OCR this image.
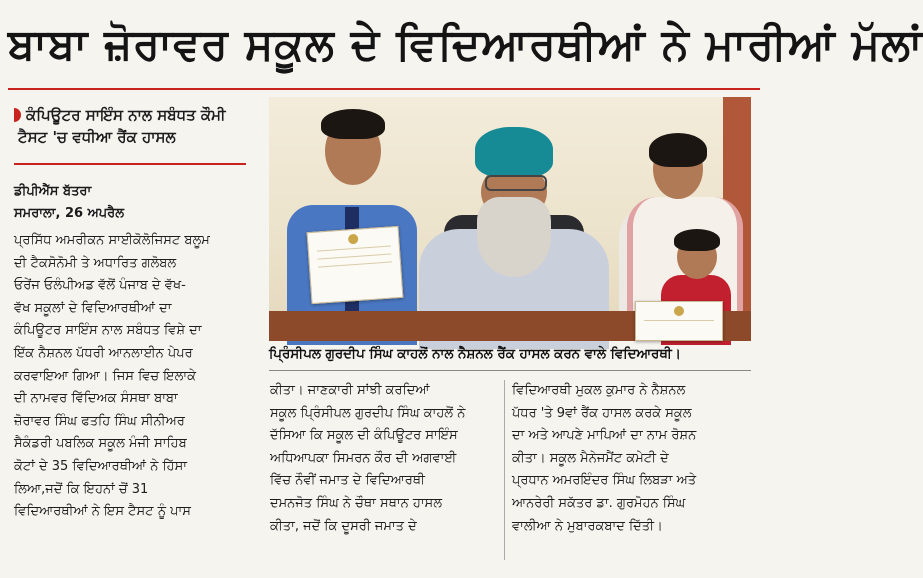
ਬਾਬਾ ਜ਼ੋਰਾਵਰ ਸਕੂਲ ਦੇ ਵਿਦਿਆਰਥੀਆਂ ਨੇ ਮਾਰੀਆਂ ਮੱਲਾਂ
ਕੰਪਿਊਟਰ ਸਾਇੰਸ ਨਾਲ ਸਬੰਧਤ ਕੌਮੀ
ਟੈਸਟ 'ਚ ਵਧੀਆ ਰੈਂਕ ਹਾਸਲ
ਡੀਪੀਐੱਸ ਬੱਤਰਾ
ਸਮਰਾਲਾ, 26 ਅਪਰੈਲ
ਪ੍ਰਸਿੱਧ ਅਮਰੀਕਨ ਸਾਈਕੋਲੋਜਿਸਟ ਬਲੂਮ
ਦੀ ਟੈਕਸੋਨੋਮੀ ਤੇ ਅਧਾਰਿਤ ਗਲੋਬਲ
ਓਰੇਂਜ ਓਲੰਪੀਅਡ ਵੱਲੋਂ ਪੰਜਾਬ ਦੇ ਵੱਖ-
ਵੱਖ ਸਕੂਲਾਂ ਦੇ ਵਿਦਿਆਰਥੀਆਂ ਦਾ
ਕੰਪਿਊਟਰ ਸਾਇੰਸ ਨਾਲ ਸਬੰਧਤ ਵਿਸ਼ੇ ਦਾ
ਇੱਕ ਨੈਸ਼ਨਲ ਪੱਧਰੀ ਆਨਲਾਈਨ ਪੇਪਰ
ਕਰਵਾਇਆ ਗਿਆ। ਜਿਸ ਵਿਚ ਇਲਾਕੇ
ਦੀ ਨਾਮਵਰ ਵਿੱਦਿਅਕ ਸੰਸਥਾ ਬਾਬਾ
ਜ਼ੋਰਾਵਰ ਸਿੰਘ ਫਤਹਿ ਸਿੰਘ ਸੀਨੀਅਰ
ਸੈਕੰਡਰੀ ਪਬਲਿਕ ਸਕੂਲ ਮੰਜੀ ਸਾਹਿਬ
ਕੋਟਾਂ ਦੇ 35 ਵਿਦਿਆਰਥੀਆਂ ਨੇ ਹਿੱਸਾ
ਲਿਆ,ਜਦੋਂ ਕਿ ਇਹਨਾਂ ਚੋਂ 31
ਵਿਦਿਆਰਥੀਆਂ ਨੇ ਇਸ ਟੈਸਟ ਨੂੰ ਪਾਸ
ਪ੍ਰਿੰਸੀਪਲ ਗੁਰਦੀਪ ਸਿੰਘ ਕਾਹਲੋਂ ਨਾਲ ਨੈਸ਼ਨਲ ਰੈਂਕ ਹਾਸਲ ਕਰਨ ਵਾਲੇ ਵਿਦਿਆਰਥੀ।
ਕੀਤਾ। ਜਾਣਕਾਰੀ ਸਾਂਝੀ ਕਰਦਿਆਂ
ਸਕੂਲ ਪ੍ਰਿੰਸੀਪਲ ਗੁਰਦੀਪ ਸਿੰਘ ਕਾਹਲੋਂ ਨੇ
ਦੱਸਿਆ ਕਿ ਸਕੂਲ ਦੀ ਕੰਪਿਊਟਰ ਸਾਇੰਸ
ਅਧਿਆਪਕਾ ਸਿਮਰਨ ਕੌਰ ਦੀ ਅਗਵਾਈ
ਵਿੱਚ ਨੌਵੀਂ ਜਮਾਤ ਦੇ ਵਿਦਿਆਰਥੀ
ਦਮਨਜੋਤ ਸਿੰਘ ਨੇ ਚੌਥਾ ਸਥਾਨ ਹਾਸਲ
ਕੀਤਾ, ਜਦੋਂ ਕਿ ਦੂਸਰੀ ਜਮਾਤ ਦੇ
ਵਿਦਿਆਰਥੀ ਮੁਕਲ ਕੁਮਾਰ ਨੇ ਨੈਸ਼ਨਲ
ਪੱਧਰ 'ਤੇ 9ਵਾਂ ਰੈਂਕ ਹਾਸਲ ਕਰਕੇ ਸਕੂਲ
ਦਾ ਅਤੇ ਆਪਣੇ ਮਾਪਿਆਂ ਦਾ ਨਾਮ ਰੋਸ਼ਨ
ਕੀਤਾ। ਸਕੂਲ ਮੈਨੇਜਮੈਂਟ ਕਮੇਟੀ ਦੇ
ਪ੍ਰਧਾਨ ਅਮਰਇੰਦਰ ਸਿੰਘ ਲਿਬੜਾ ਅਤੇ
ਆਨਰੇਰੀ ਸਕੱਤਰ ਡਾ. ਗੁਰਮੋਹਨ ਸਿੰਘ
ਵਾਲੀਆ ਨੇ ਮੁਬਾਰਕਬਾਦ ਦਿੱਤੀ।
